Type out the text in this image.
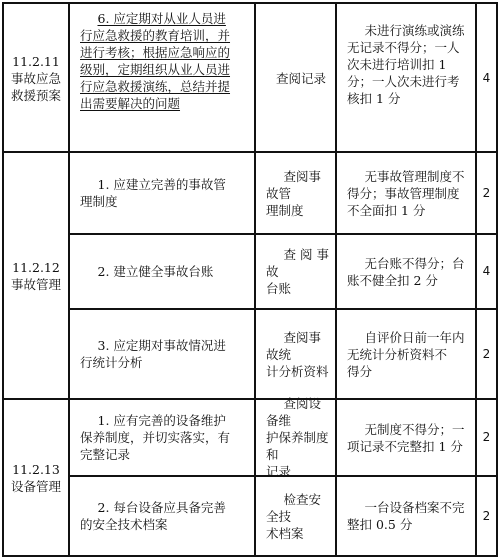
11.2.11
事故应急
救援预案
6. 应定期对从业人员进
行应急救援的教育培训，并
进行考核；根据应急响应的
级别，定期组织从业人员进
行应急救援演练，总结并提
出需要解决的问题
查阅记录
未进行演练或演练
无记录不得分；一人
次未进行培训扣 1
分；一人次未进行考
核扣 1 分
4
11.2.12
事故管理
1. 应建立完善的事故管
理制度
查阅事故管
理制度
无事故管理制度不
得分；事故管理制度
不全面扣 1 分
2
2. 建立健全事故台账
查 阅 事 故
台账
无台账不得分；台
账不健全扣 2 分
4
3. 应定期对事故情况进
行统计分析
查阅事故统
计分析资料
自评价日前一年内
无统计分析资料不
得分
2
11.2.13
设备管理
1. 应有完善的设备维护
保养制度，并切实落实，有
完整记录
查阅设备维
护保养制度和
记录
无制度不得分；一
项记录不完整扣 1 分
2
2. 每台设备应具备完善
的安全技术档案
检查安全技
术档案
一台设备档案不完
整扣 0.5 分
2
